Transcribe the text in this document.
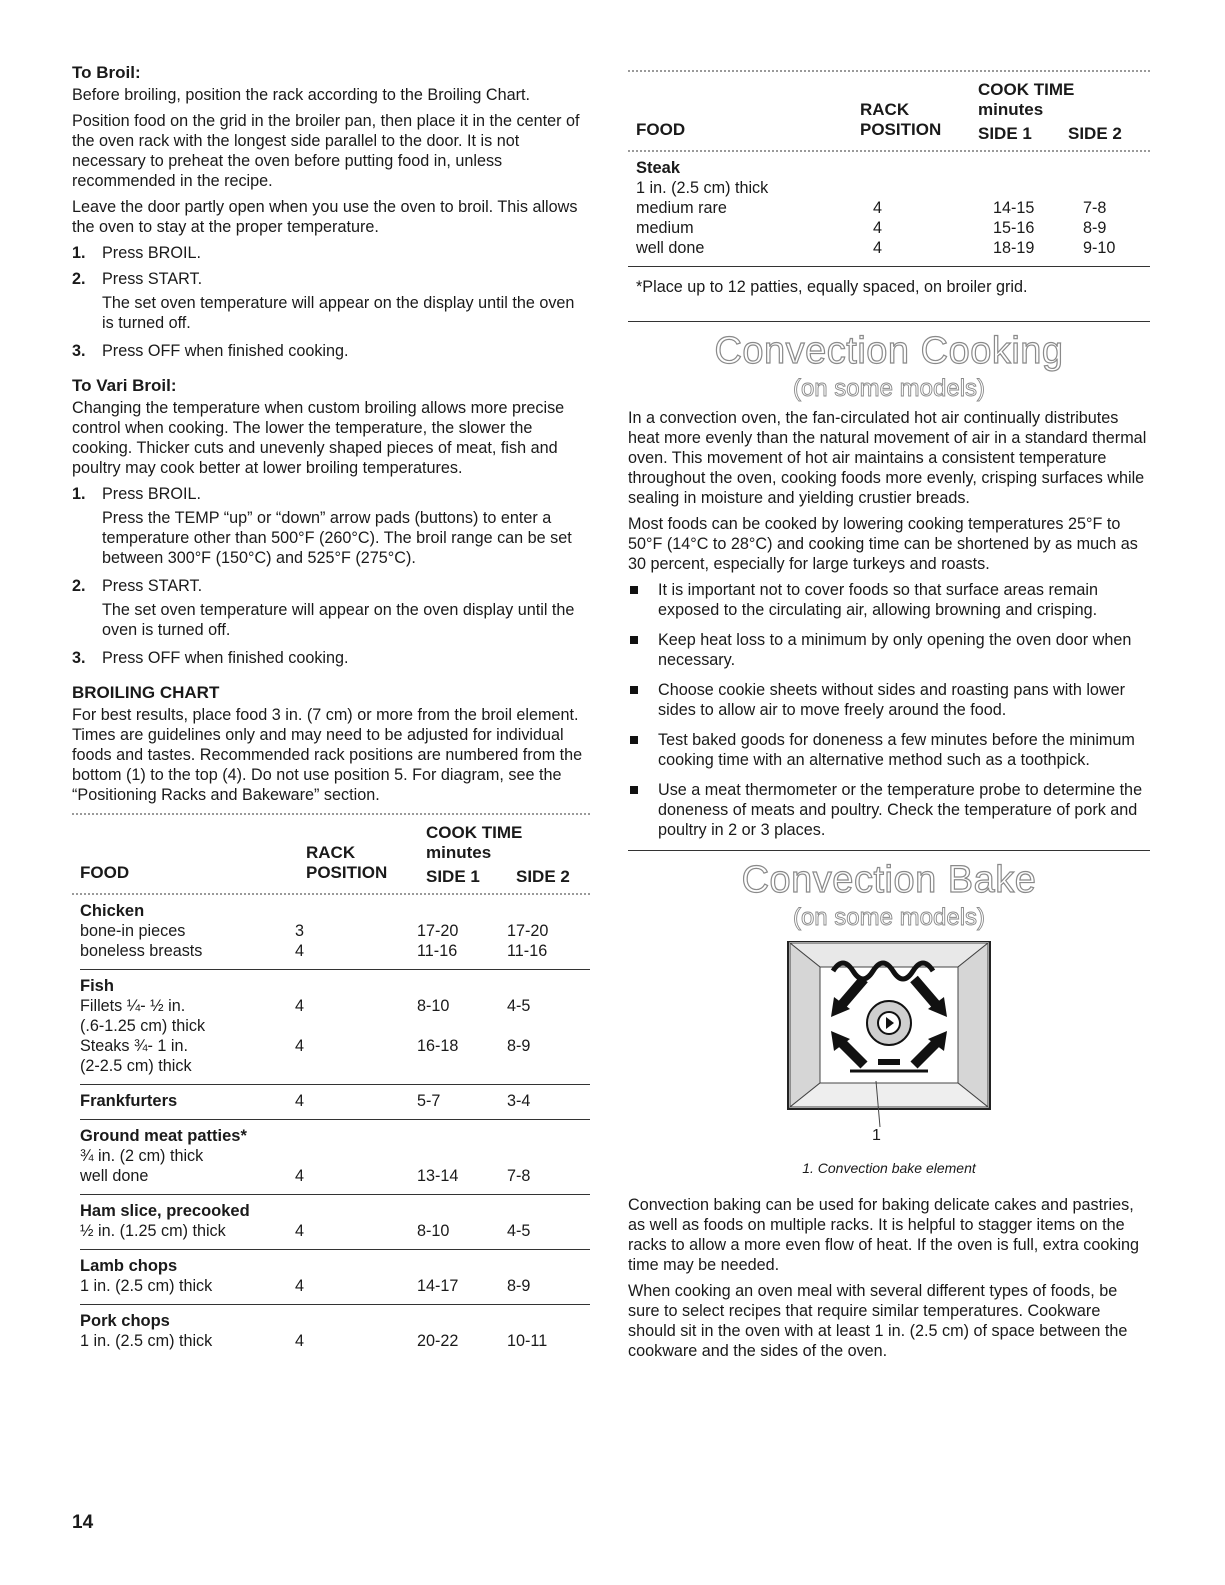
To Broil:

Before broiling, position the rack according to the Broiling Chart.

Position food on the grid in the broiler pan, then place it in the center of the oven rack with the longest side parallel to the door. It is not necessary to preheat the oven before putting food in, unless recommended in the recipe.

Leave the door partly open when you use the oven to broil. This allows the oven to stay at the proper temperature.

1.	Press BROIL.
2.	Press START.
The set oven temperature will appear on the display until the oven is turned off.
3.	Press OFF when finished cooking.
To Vari Broil:

Changing the temperature when custom broiling allows more precise control when cooking. The lower the temperature, the slower the cooking. Thicker cuts and unevenly shaped pieces of meat, fish and poultry may cook better at lower broiling temperatures.

1.	Press BROIL.
Press the TEMP “up” or “down” arrow pads (buttons) to enter a temperature other than 500°F (260°C). The broil range can be set between 300°F (150°C) and 525°F (275°C).
2.	Press START.
The set oven temperature will appear on the oven display until the oven is turned off.
3.	Press OFF when finished cooking.
BROILING CHART

For best results, place food 3 in. (7 cm) or more from the broil element. Times are guidelines only and may need to be adjusted for individual foods and tastes. Recommended rack positions are numbered from the bottom (1) to the top (4). Do not use position 5. For diagram, see the “Positioning Racks and Bakeware” section.

FOOD
RACK
POSITION
COOK TIME
minutes
SIDE 1 SIDE 2
Chicken
bone-in pieces	3	17-20	17-20
boneless breasts	4	11-16	11-16
Fish
Fillets ¼- ½ in.	4	8-10	4-5
(.6-1.25 cm) thick
Steaks ¾- 1 in.	4	16-18	8-9
(2-2.5 cm) thick
Frankfurters	4	5-7	3-4
Ground meat patties*
¾ in. (2 cm) thick
well done	4	13-14	7-8
Ham slice, precooked
½ in. (1.25 cm) thick	4	8-10	4-5
Lamb chops
1 in. (2.5 cm) thick	4	14-17	8-9
Pork chops
1 in. (2.5 cm) thick	4	20-22	10-11
FOOD
RACK
POSITION
COOK TIME
minutes
SIDE 1 SIDE 2
Steak
1 in. (2.5 cm) thick
medium rare	4	14-15	7-8
medium	4	15-16	8-9
well done	4	18-19	9-10
*Place up to 12 patties, equally spaced, on broiler grid.
Convection Cooking
(on some models)

In a convection oven, the fan-circulated hot air continually distributes heat more evenly than the natural movement of air in a standard thermal oven. This movement of hot air maintains a consistent temperature throughout the oven, cooking foods more evenly, crisping surfaces while sealing in moisture and yielding crustier breads.

Most foods can be cooked by lowering cooking temperatures 25°F to 50°F (14°C to 28°C) and cooking time can be shortened by as much as 30 percent, especially for large turkeys and roasts.

It is important not to cover foods so that surface areas remain exposed to the circulating air, allowing browning and crisping.
Keep heat loss to a minimum by only opening the oven door when necessary.
Choose cookie sheets without sides and roasting pans with lower sides to allow air to move freely around the food.
Test baked goods for doneness a few minutes before the minimum cooking time with an alternative method such as a toothpick.
Use a meat thermometer or the temperature probe to determine the doneness of meats and poultry. Check the temperature of pork and poultry in 2 or 3 places.
Convection Bake
(on some models)
1
1. Convection bake element

Convection baking can be used for baking delicate cakes and pastries, as well as foods on multiple racks. It is helpful to stagger items on the racks to allow a more even flow of heat. If the oven is full, extra cooking time may be needed.

When cooking an oven meal with several different types of foods, be sure to select recipes that require similar temperatures. Cookware should sit in the oven with at least 1 in. (2.5 cm) of space between the cookware and the sides of the oven.

14
